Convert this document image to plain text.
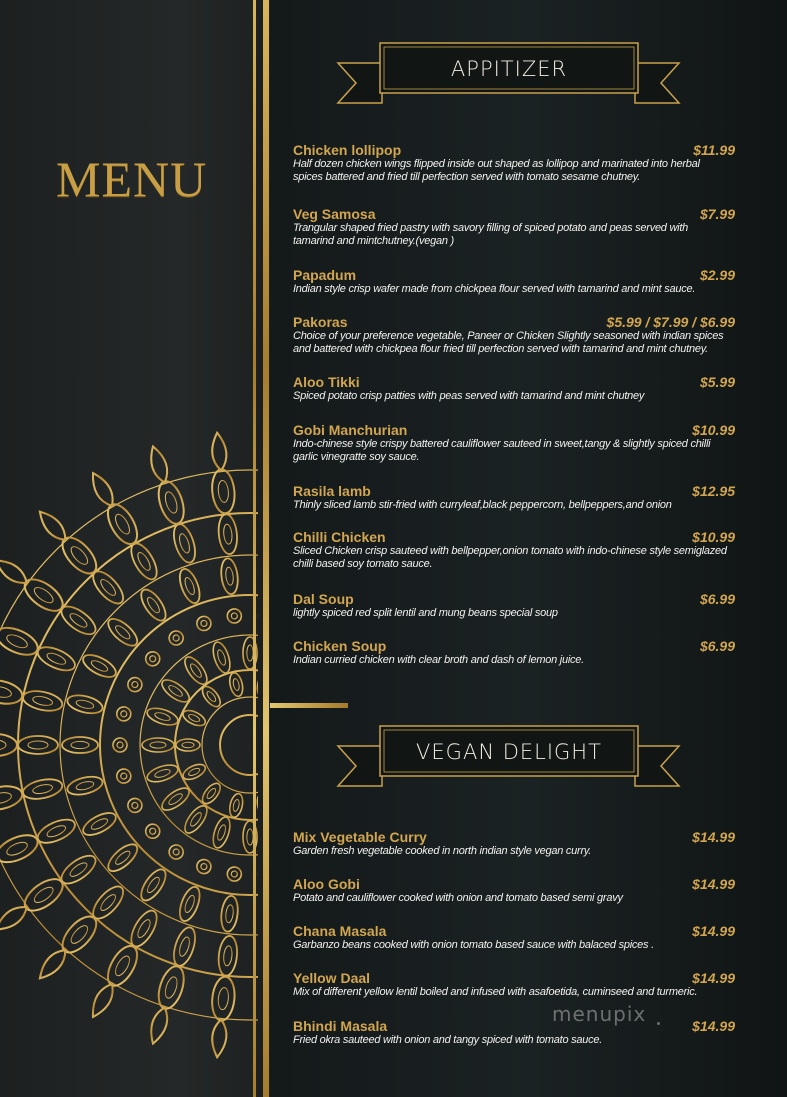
MENU
APPITIZER
Chicken lollipop	$11.99
Half dozen chicken wings flipped inside out shaped as lollipop and marinated into herbal spices battered and fried till perfection served with tomato sesame chutney.
Veg Samosa	$7.99
Trangular shaped fried pastry with savory filling of spiced potato and peas served with tamarind and mintchutney.(vegan )
Papadum	$2.99
Indian style crisp wafer made from chickpea flour served with tamarind and mint sauce.
Pakoras	$5.99 / $7.99 / $6.99
Choice of your preference vegetable, Paneer or Chicken Slightly seasoned with indian spices and battered with chickpea flour fried till perfection served with tamarind and mint chutney.
Aloo Tikki	$5.99
Spiced potato crisp patties with peas served with tamarind and mint chutney
Gobi Manchurian	$10.99
Indo-chinese style crispy battered cauliflower sauteed in sweet,tangy & slightly spiced chilli garlic vinegratte soy sauce.
Rasila lamb	$12.95
Thinly sliced lamb stir-fried with curryleaf,black peppercorn, bellpeppers,and onion
Chilli Chicken	$10.99
Sliced Chicken crisp sauteed with bellpepper,onion tomato with indo-chinese style semiglazed chilli based soy tomato sauce.
Dal Soup	$6.99
lightly spiced red split lentil and mung beans special soup
Chicken Soup	$6.99
Indian curried chicken with clear broth and dash of lemon juice.
VEGAN DELIGHT
Mix Vegetable Curry	$14.99
Garden fresh vegetable cooked in north indian style vegan curry.
Aloo Gobi	$14.99
Potato and cauliflower cooked with onion and tomato based semi gravy
Chana Masala	$14.99
Garbanzo beans cooked with onion tomato based sauce with balaced spices .
Yellow Daal	$14.99
Mix of different yellow lentil boiled and infused with asafoetida, cuminseed and turmeric.
Bhindi Masala	$14.99
Fried okra sauteed with onion and tangy spiced with tomato sauce.
menupix
